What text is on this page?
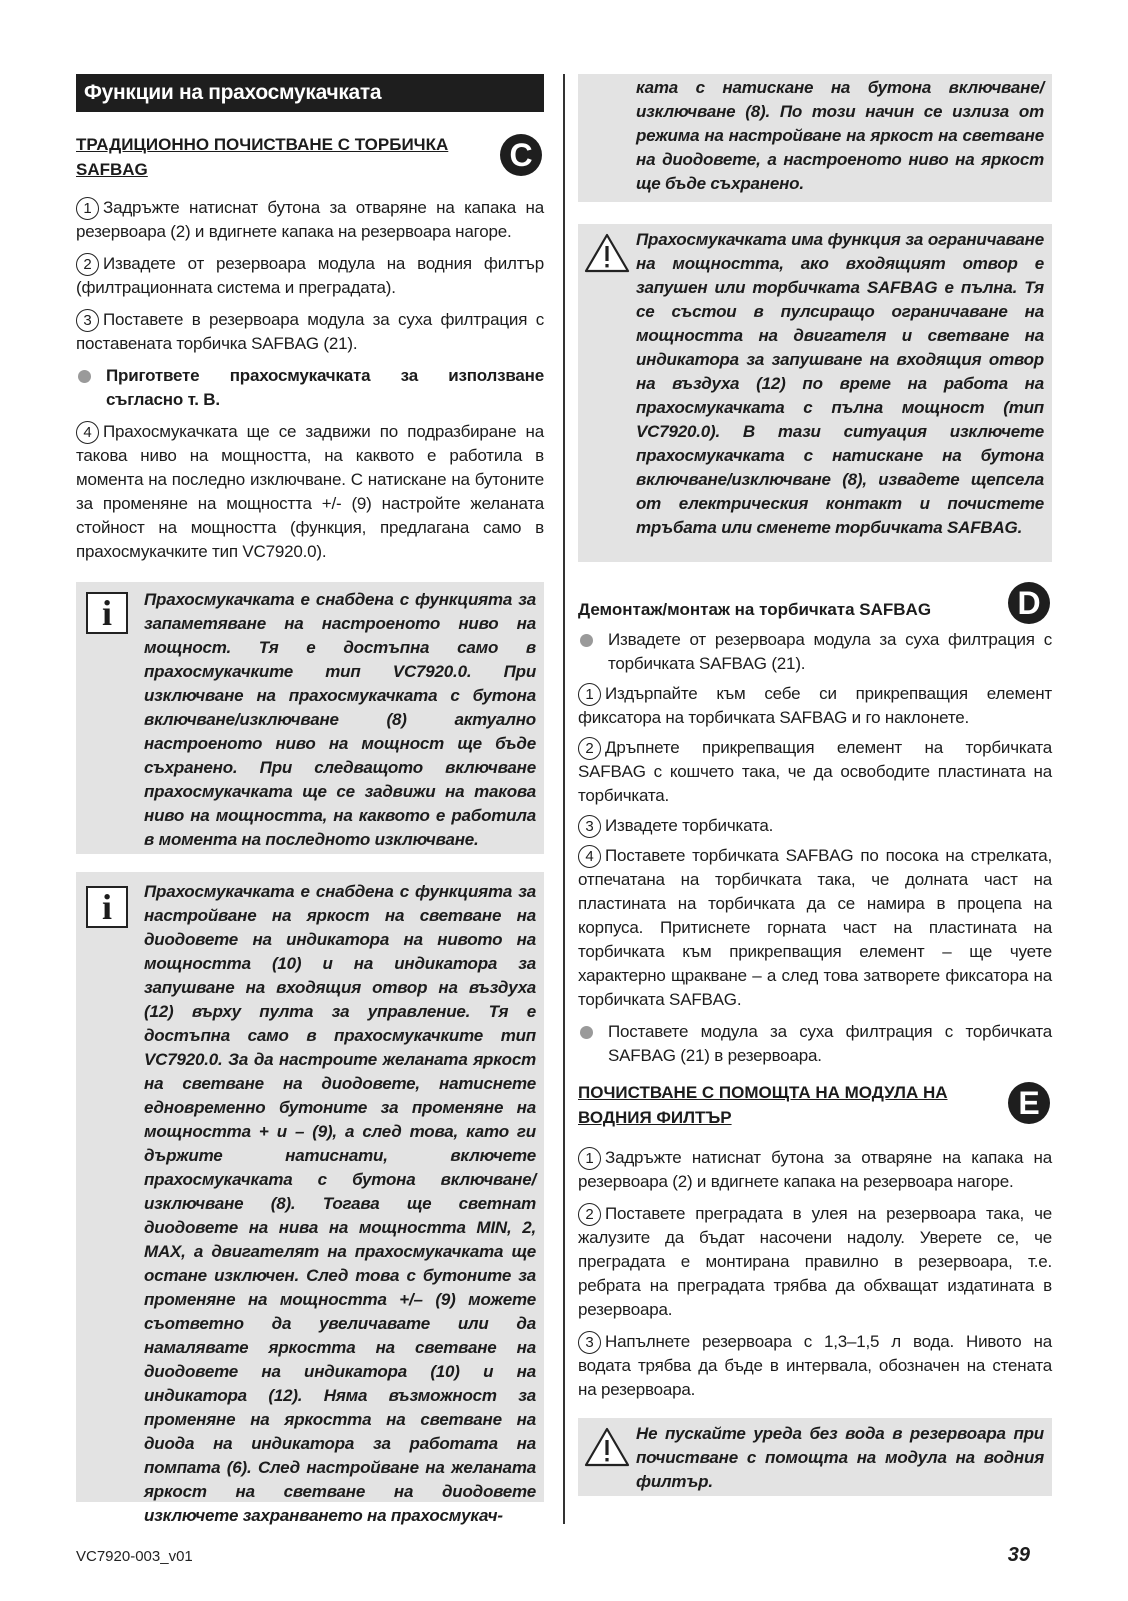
Функции на прахосмукачката
ТРАДИЦИОННО ПОЧИСТВАНЕ С ТОРБИЧКА
SAFBAG	C

1 Задръжте натиснат бутона за отваряне на капака на резервоара (2) и вдигнете капака на резервоара нагоре.

2 Извадете от резервоара модула на водния филтър (филтрационната система и преградата).

3 Поставете в резервоара модула за суха филтрация с поставената торбичка SAFBAG (21).

Пригответе прахосмукачката за използване съгласно т. В.

4 Прахосмукачката ще се задвижи по подразбиране на такова ниво на мощността, на каквото е работила в момента на последно изключване. С натискане на бутоните за променяне на мощността +/- (9) настройте желаната стойност на мощността (функция, предлагана само в прахосмукачките тип VC7920.0).

i	Прахосмукачката е снабдена с функцията за запаметяване на настроеното ниво на мощност. Тя е достъпна само в прахосмукачките тип VC7920.0. При изключване на прахосмукачката с бутона включване/изключване (8) актуално настроеното ниво на мощност ще бъде съхранено. При следващото включване прахосмукачката ще се задвижи на такова ниво на мощността, на каквото е работила в момента на последното изключване.

i	Прахосмукачката е снабдена с функцията за настройване на яркост на светване на диодовете на индикатора на нивото на мощността (10) и на индикатора за запушване на входящия отвор на въздуха (12) върху пулта за управление. Тя е достъпна само в прахосмукачките тип VC7920.0. За да настроите желаната яркост на светване на диодовете, натиснете едновременно бутоните за променяне на мощността + и – (9), а след това, като ги държите натиснати, включете прахосмукачката с бутона включване/изключване (8). Тогава ще светнат диодовете на нива на мощността MIN, 2, MAX, а двигателят на прахосмукачката ще остане изключен. След това с бутоните за променяне на мощността +/– (9) можете съответно да увеличавате или да намалявате яркостта на светване на диодовете на индикатора (10) и на индикатора (12). Няма възможност за променяне на яркостта на светване на диода на индикатора за работата на помпата (6). След настройване на желаната яркост на светване на диодовете изключете захранването на прахосмукач-

ката с натискане на бутона включване/изключване (8). По този начин се излиза от режима на настройване на яркост на светване на диодовете, а настроеното ниво на яркост ще бъде съхранено.

Прахосмукачката има функция за ограничаване на мощността, ако входящият отвор е запушен или торбичката SAFBAG е пълна. Тя се състои в пулсиращо ограничаване на мощността на двигателя и светване на индикатора за запушване на входящия отвор на въздуха (12) по време на работа на прахосмукачката с пълна мощност (тип VC7920.0). В тази ситуация изключете прахосмукачката с натискане на бутона включване/изключване (8), извадете щепсела от електрическия контакт и почистете тръбата или сменете торбичката SAFBAG.

Демонтаж/монтаж на торбичката SAFBAG	D
Извадете от резервоара модула за суха филтрация с торбичката SAFBAG (21).

1 Издърпайте към себе си прикрепващия елемент фиксатора на торбичката SAFBAG и го наклонете.

2 Дръпнете прикрепващия елемент на торбичката SAFBAG с кошчето така, че да освободите пластината на торбичката.

3 Извадете торбичката.

4 Поставете торбичката SAFBAG по посока на стрелката, отпечатана на торбичката така, че долната част на пластината на торбичката да се намира в процепа на корпуса. Притиснете горната част на пластината на торбичката към прикрепващия елемент – ще чуете характерно щракване – а след това затворете фиксатора на торбичката SAFBAG.

Поставете модула за суха филтрация с торбичката SAFBAG (21) в резервоара.
ПОЧИСТВАНЕ С ПОМОЩТА НА МОДУЛА НА
ВОДНИЯ ФИЛТЪР	E

1 Задръжте натиснат бутона за отваряне на капака на резервоара (2) и вдигнете капака на резервоара нагоре.

2 Поставете преградата в улея на резервоара така, че жалузите да бъдат насочени надолу. Уверете се, че преградата е монтирана правилно в резервоара, т.е. ребрата на преградата трябва да обхващат издатината в резервоара.

3 Напълнете резервоара с 1,3–1,5 л вода. Нивото на водата трябва да бъде в интервала, обозначен на стената на резервоара.

Не пускайте уреда без вода в резервоара при почистване с помощта на модула на водния филтър.

VC7920-003_v01	39
